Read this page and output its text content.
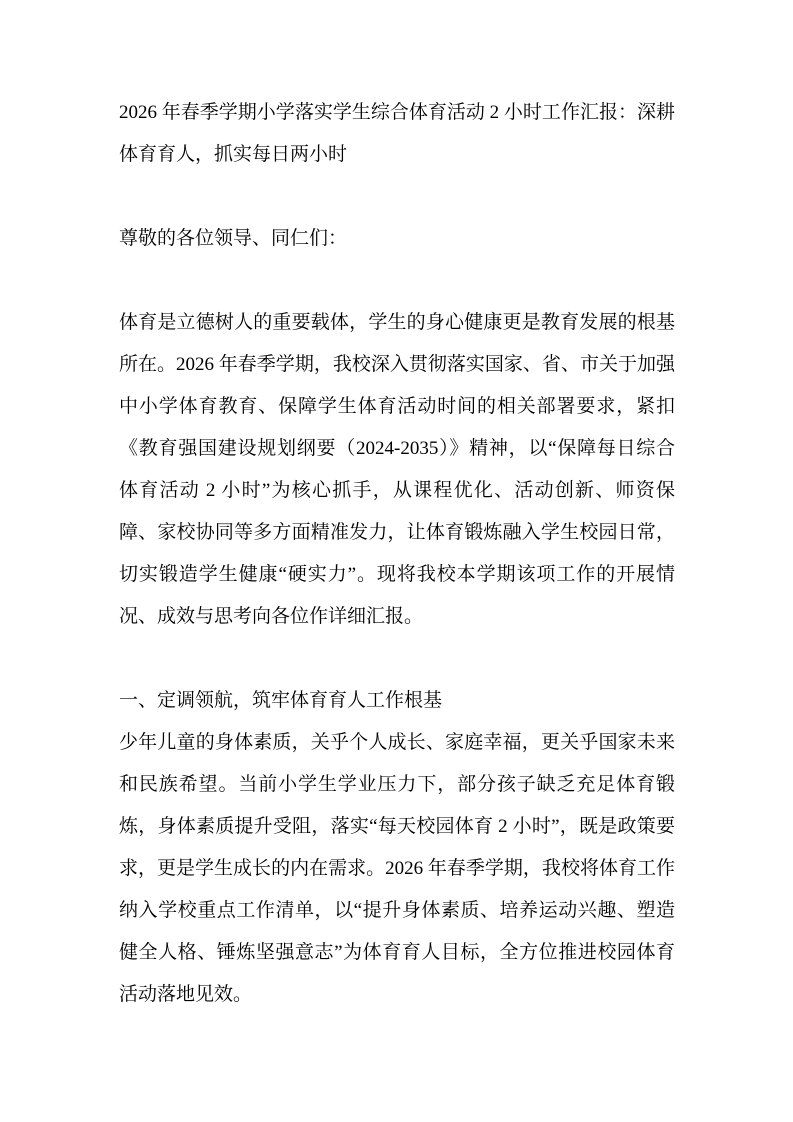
2026 年春季学期小学落实学生综合体育活动 2 小时工作汇报：深耕体育育人，抓实每日两小时

尊敬的各位领导、同仁们：

体育是立德树人的重要载体，学生的身心健康更是教育发展的根基所在。2026 年春季学期，我校深入贯彻落实国家、省、市关于加强中小学体育教育、保障学生体育活动时间的相关部署要求，紧扣《教育强国建设规划纲要（2024-2035）》精神，以“保障每日综合体育活动 2 小时”为核心抓手，从课程优化、活动创新、师资保障、家校协同等多方面精准发力，让体育锻炼融入学生校园日常，切实锻造学生健康“硬实力”。现将我校本学期该项工作的开展情况、成效与思考向各位作详细汇报。

一、定调领航，筑牢体育育人工作根基

少年儿童的身体素质，关乎个人成长、家庭幸福，更关乎国家未来和民族希望。当前小学生学业压力下，部分孩子缺乏充足体育锻炼，身体素质提升受阻，落实“每天校园体育 2 小时”，既是政策要求，更是学生成长的内在需求。2026 年春季学期，我校将体育工作纳入学校重点工作清单，以“提升身体素质、培养运动兴趣、塑造健全人格、锤炼坚强意志”为体育育人目标，全方位推进校园体育活动落地见效。
